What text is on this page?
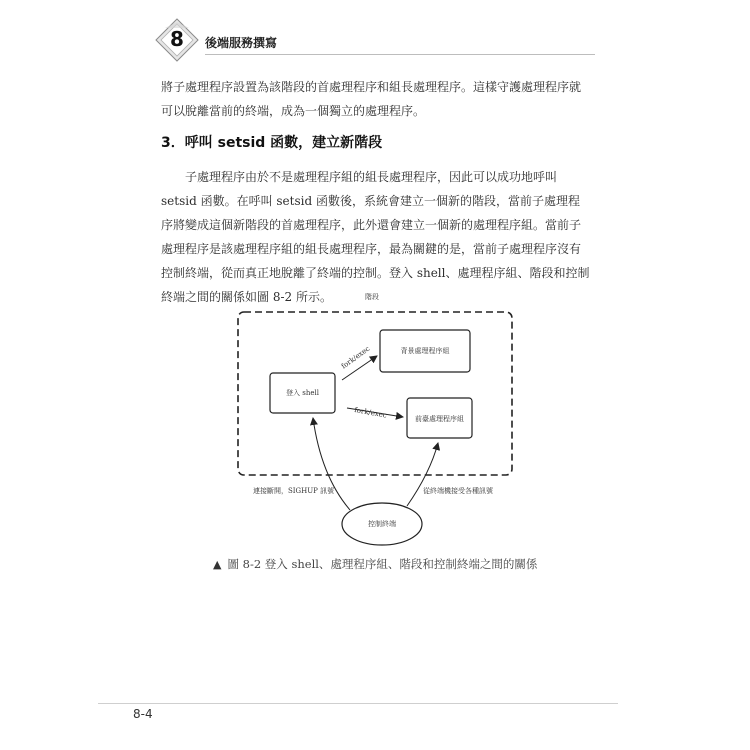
8	後端服務撰寫
將子處理程序設置為該階段的首處理程序和組長處理程序。這樣守護處理程序就可以脫離當前的終端，成為一個獨立的處理程序。
3．呼叫 setsid 函數，建立新階段
子處理程序由於不是處理程序組的組長處理程序，因此可以成功地呼叫 setsid 函數。在呼叫 setsid 函數後，系統會建立一個新的階段，當前子處理程序將變成這個新階段的首處理程序，此外還會建立一個新的處理程序組。當前子處理程序是該處理程序組的組長處理程序，最為關鍵的是，當前子處理程序沒有控制終端，從而真正地脫離了終端的控制。登入 shell、處理程序組、階段和控制終端之間的關係如圖 8-2 所示。	階段
登入 shell
背景處理程序組
前臺處理程序組
fork/exec
fork/exec
連接斷開，SIGHUP 訊號	從終端機接受各種訊號
控制終端
▲ 圖 8-2 登入 shell、處理程序組、階段和控制終端之間的關係
8-4
